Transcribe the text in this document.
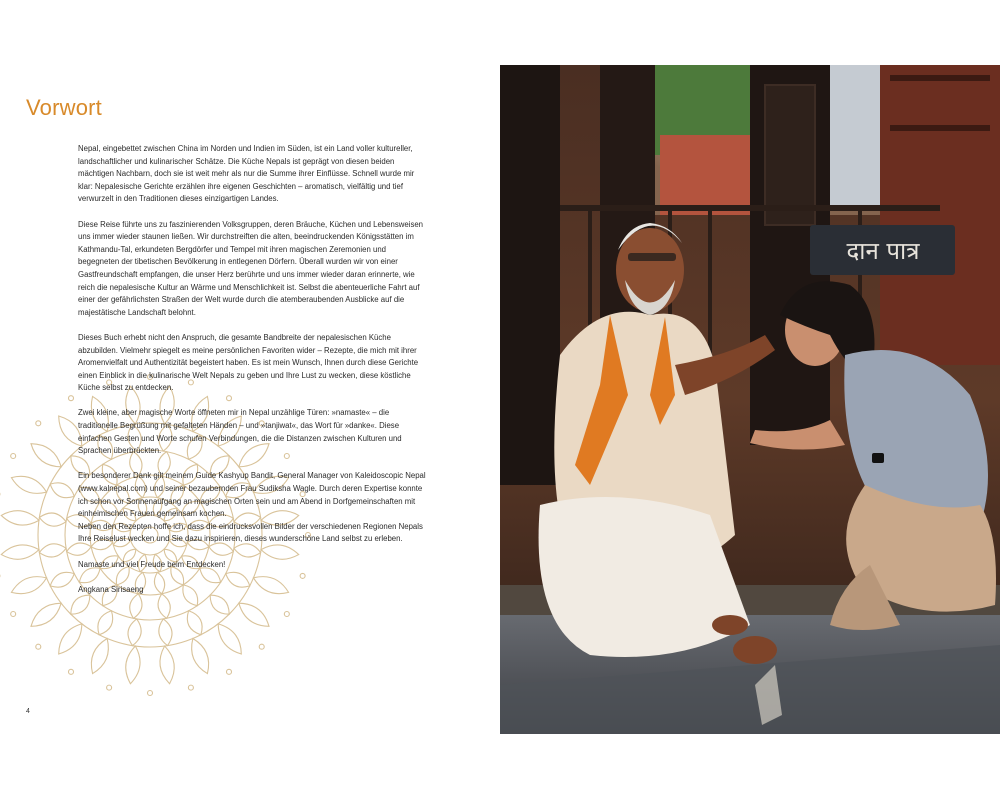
Vorwort

Nepal, eingebettet zwischen China im Norden und Indien im Süden, ist ein Land voller kultureller, landschaftlicher und kulinarischer Schätze. Die Küche Nepals ist geprägt von diesen beiden mächtigen Nachbarn, doch sie ist weit mehr als nur die Summe ihrer Einflüsse. Schnell wurde mir klar: Nepalesische Gerichte erzählen ihre eigenen Geschichten – aromatisch, vielfältig und tief verwurzelt in den Traditionen dieses einzigartigen Landes.

Diese Reise führte uns zu faszinierenden Volksgruppen, deren Bräuche, Küchen und Lebensweisen uns immer wieder staunen ließen. Wir durchstreiften die alten, beeindruckenden Königsstätten im Kathmandu-Tal, erkundeten Bergdörfer und Tempel mit ihren magischen Zeremonien und begegneten der tibetischen Bevölkerung in entlegenen Dörfern. Überall wurden wir von einer Gastfreundschaft empfangen, die unser Herz berührte und uns immer wieder daran erinnerte, wie reich die nepalesische Kultur an Wärme und Menschlichkeit ist. Selbst die abenteuerliche Fahrt auf einer der gefährlichsten Straßen der Welt wurde durch die atemberaubenden Ausblicke auf die majestätische Landschaft belohnt.

Dieses Buch erhebt nicht den Anspruch, die gesamte Bandbreite der nepalesischen Küche abzubilden. Vielmehr spiegelt es meine persönlichen Favoriten wider – Rezepte, die mich mit ihrer Aromenvielfalt und Authentizität begeistert haben. Es ist mein Wunsch, Ihnen durch diese Gerichte einen Einblick in die kulinarische Welt Nepals zu geben und Ihre Lust zu wecken, diese köstliche Küche selbst zu entdecken.

Zwei kleine, aber magische Worte öffneten mir in Nepal unzählige Türen: »namaste« – die traditionelle Begrüßung mit gefalteten Händen – und »tanjiwat«, das Wort für »danke«. Diese einfachen Gesten und Worte schufen Verbindungen, die die Distanzen zwischen Kulturen und Sprachen überbrückten.

Ein besonderer Dank gilt meinem Guide Kashyup Bandit, General Manager von Kaleidoscopic Nepal (www.kalnepal.com) und seiner bezaubernden Frau Sudiksha Wagle. Durch deren Expertise konnte ich schon vor Sonnenaufgang an magischen Orten sein und am Abend in Dorfgemeinschaften mit einheimischen Frauen gemeinsam kochen.

Neben den Rezepten hoffe ich, dass die eindrucksvollen Bilder der verschiedenen Regionen Nepals Ihre Reiselust wecken und Sie dazu inspirieren, dieses wunderschöne Land selbst zu erleben.

Namaste und viel Freude beim Entdecken!

Angkana Sirisaeng
4
दान पात्र
